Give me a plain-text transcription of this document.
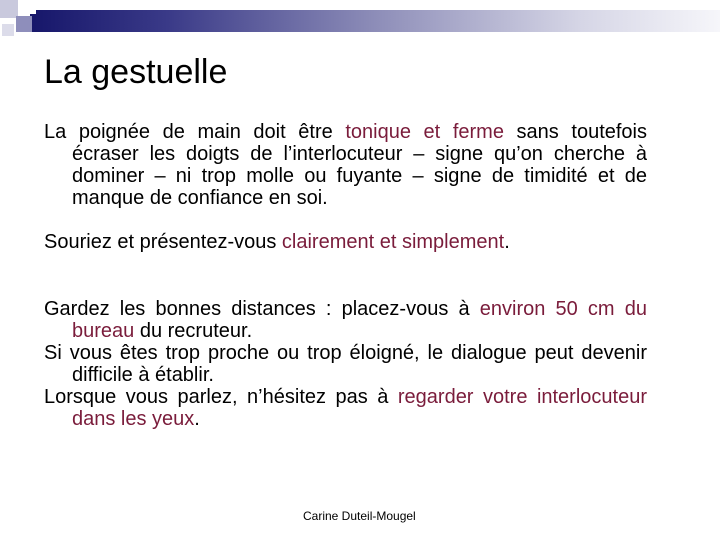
La gestuelle

La poignée de main doit être tonique et ferme sans toutefois écraser les doigts de l’interlocuteur – signe qu’on cherche à dominer – ni trop molle ou fuyante – signe de timidité et de manque de confiance en soi.

Souriez et présentez-vous clairement et simplement.

Gardez les bonnes distances : placez-vous à environ 50 cm du bureau du recruteur.

Si vous êtes trop proche ou trop éloigné, le dialogue peut devenir difficile à établir.

Lorsque vous parlez, n’hésitez pas à regarder votre interlocuteur dans les yeux.

Carine Duteil-Mougel
